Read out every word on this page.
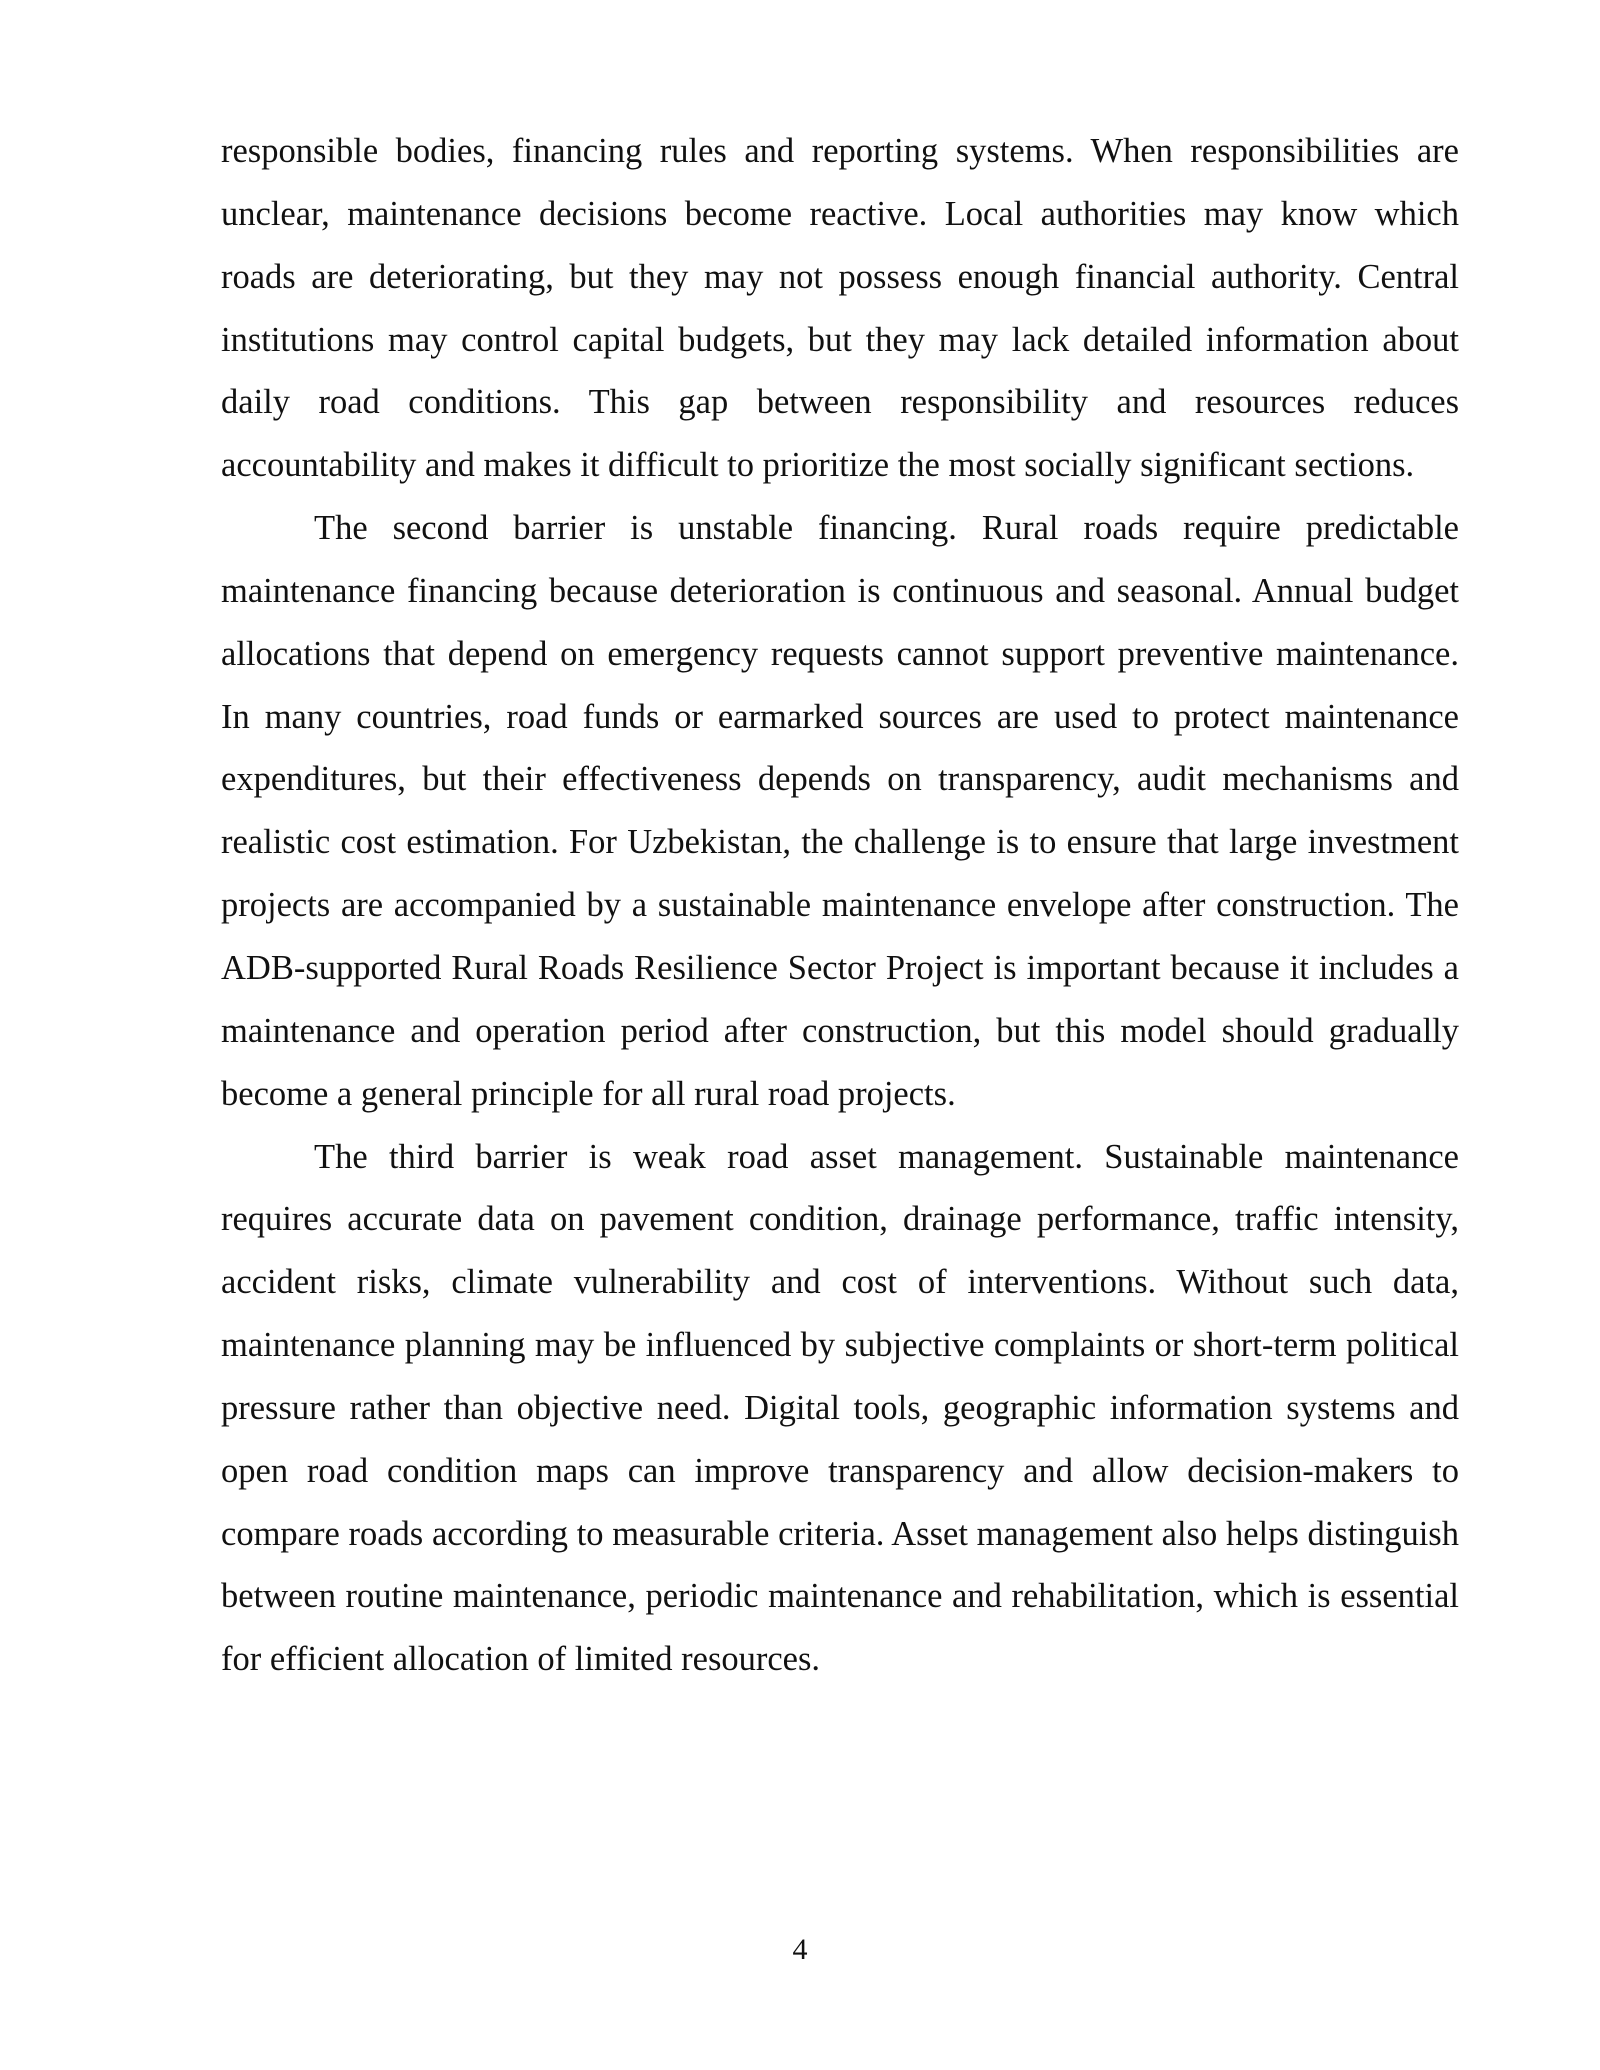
responsible bodies, financing rules and reporting systems. When responsibilities are unclear, maintenance decisions become reactive. Local authorities may know which roads are deteriorating, but they may not possess enough financial authority. Central institutions may control capital budgets, but they may lack detailed information about daily road conditions. This gap between responsibility and resources reduces accountability and makes it difficult to prioritize the most socially significant sections.

The second barrier is unstable financing. Rural roads require predictable maintenance financing because deterioration is continuous and seasonal. Annual budget allocations that depend on emergency requests cannot support preventive maintenance. In many countries, road funds or earmarked sources are used to protect maintenance expenditures, but their effectiveness depends on transparency, audit mechanisms and realistic cost estimation. For Uzbekistan, the challenge is to ensure that large investment projects are accompanied by a sustainable maintenance envelope after construction. The ADB-supported Rural Roads Resilience Sector Project is important because it includes a maintenance and operation period after construction, but this model should gradually become a general principle for all rural road projects.

The third barrier is weak road asset management. Sustainable maintenance requires accurate data on pavement condition, drainage performance, traffic intensity, accident risks, climate vulnerability and cost of interventions. Without such data, maintenance planning may be influenced by subjective complaints or short-term political pressure rather than objective need. Digital tools, geographic information systems and open road condition maps can improve transparency and allow decision-makers to compare roads according to measurable criteria. Asset management also helps distinguish between routine maintenance, periodic maintenance and rehabilitation, which is essential for efficient allocation of limited resources.

4
